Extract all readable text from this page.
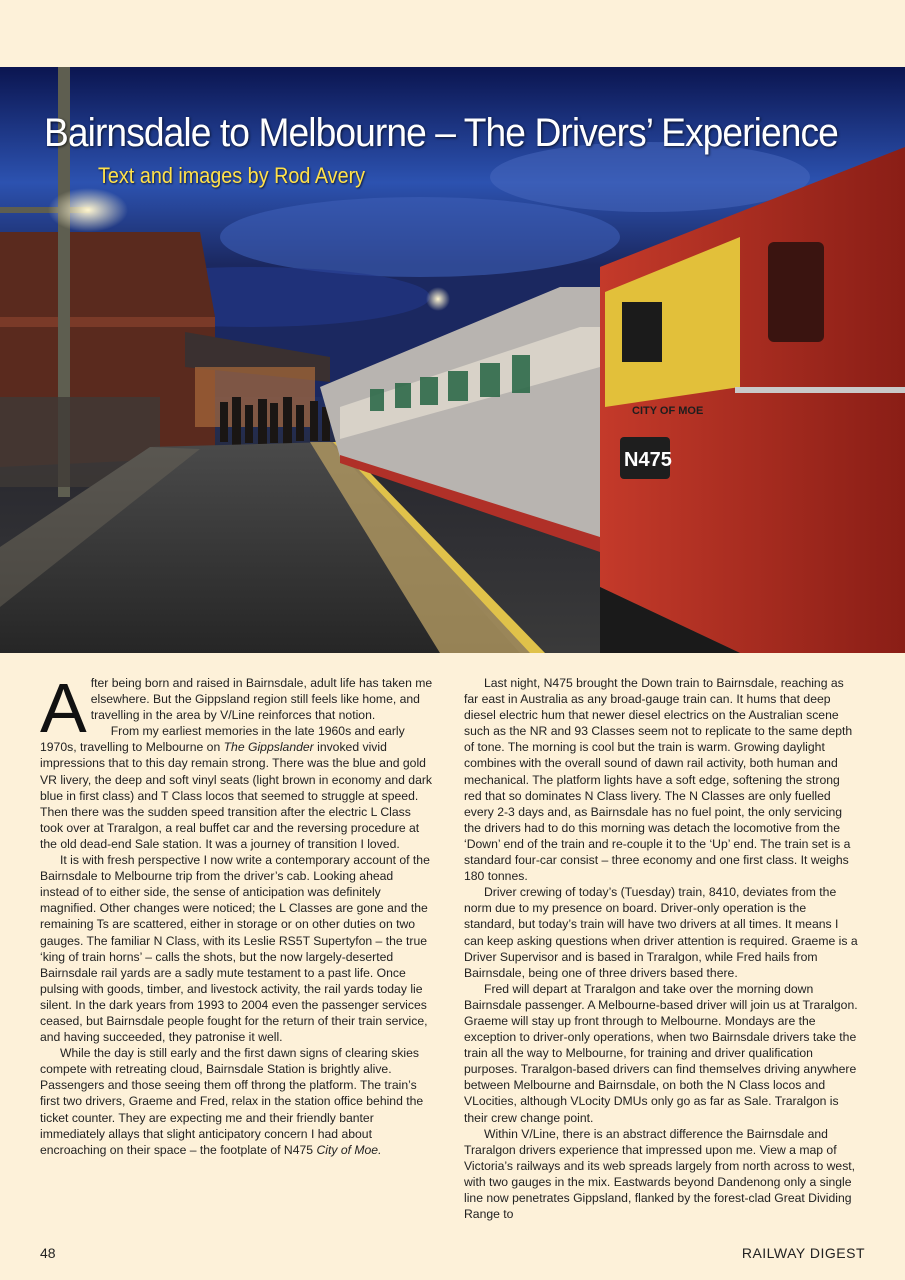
CITY OF MOE
N475
Bairnsdale to Melbourne – The Drivers’ Experience
Text and images by Rod Avery

After being born and raised in Bairnsdale, adult life has taken me elsewhere. But the Gippsland region still feels like home, and travelling in the area by V/Line reinforces that notion.

From my earliest memories in the late 1960s and early 1970s, travelling to Melbourne on The Gippslander invoked vivid impressions that to this day remain strong. There was the blue and gold VR livery, the deep and soft vinyl seats (light brown in economy and dark blue in first class) and T Class locos that seemed to struggle at speed. Then there was the sudden speed transition after the electric L Class took over at Traralgon, a real buffet car and the reversing procedure at the old dead-end Sale station. It was a journey of transition I loved.

It is with fresh perspective I now write a contemporary account of the Bairnsdale to Melbourne trip from the driver’s cab. Looking ahead instead of to either side, the sense of anticipation was definitely magnified. Other changes were noticed; the L Classes are gone and the remaining Ts are scattered, either in storage or on other duties on two gauges. The familiar N Class, with its Leslie RS5T Supertyfon – the true ‘king of train horns’ – calls the shots, but the now largely-deserted Bairnsdale rail yards are a sadly mute testament to a past life. Once pulsing with goods, timber, and livestock activity, the rail yards today lie silent. In the dark years from 1993 to 2004 even the passenger services ceased, but Bairnsdale people fought for the return of their train service, and having succeeded, they patronise it well.

While the day is still early and the first dawn signs of clearing skies compete with retreating cloud, Bairnsdale Station is brightly alive. Passengers and those seeing them off throng the platform. The train’s first two drivers, Graeme and Fred, relax in the station office behind the ticket counter. They are expecting me and their friendly banter immediately allays that slight anticipatory concern I had about encroaching on their space – the footplate of N475 City of Moe.

Last night, N475 brought the Down train to Bairnsdale, reaching as far east in Australia as any broad-gauge train can. It hums that deep diesel electric hum that newer diesel electrics on the Australian scene such as the NR and 93 Classes seem not to replicate to the same depth of tone. The morning is cool but the train is warm. Growing daylight combines with the overall sound of dawn rail activity, both human and mechanical. The platform lights have a soft edge, softening the strong red that so dominates N Class livery. The N Classes are only fuelled every 2-3 days and, as Bairnsdale has no fuel point, the only servicing the drivers had to do this morning was detach the locomotive from the ‘Down’ end of the train and re-couple it to the ‘Up’ end. The train set is a standard four-car consist – three economy and one first class. It weighs 180 tonnes.

Driver crewing of today’s (Tuesday) train, 8410, deviates from the norm due to my presence on board. Driver-only operation is the standard, but today’s train will have two drivers at all times. It means I can keep asking questions when driver attention is required. Graeme is a Driver Supervisor and is based in Traralgon, while Fred hails from Bairnsdale, being one of three drivers based there.

Fred will depart at Traralgon and take over the morning down Bairnsdale passenger. A Melbourne-based driver will join us at Traralgon. Graeme will stay up front through to Melbourne. Mondays are the exception to driver-only operations, when two Bairnsdale drivers take the train all the way to Melbourne, for training and driver qualification purposes. Traralgon-based drivers can find themselves driving anywhere between Melbourne and Bairnsdale, on both the N Class locos and VLocities, although VLocity DMUs only go as far as Sale. Traralgon is their crew change point.

Within V/Line, there is an abstract difference the Bairnsdale and Traralgon drivers experience that impressed upon me. View a map of Victoria’s railways and its web spreads largely from north across to west, with two gauges in the mix. Eastwards beyond Dandenong only a single line now penetrates Gippsland, flanked by the forest-clad Great Dividing Range to

48	RAILWAY DIGEST
